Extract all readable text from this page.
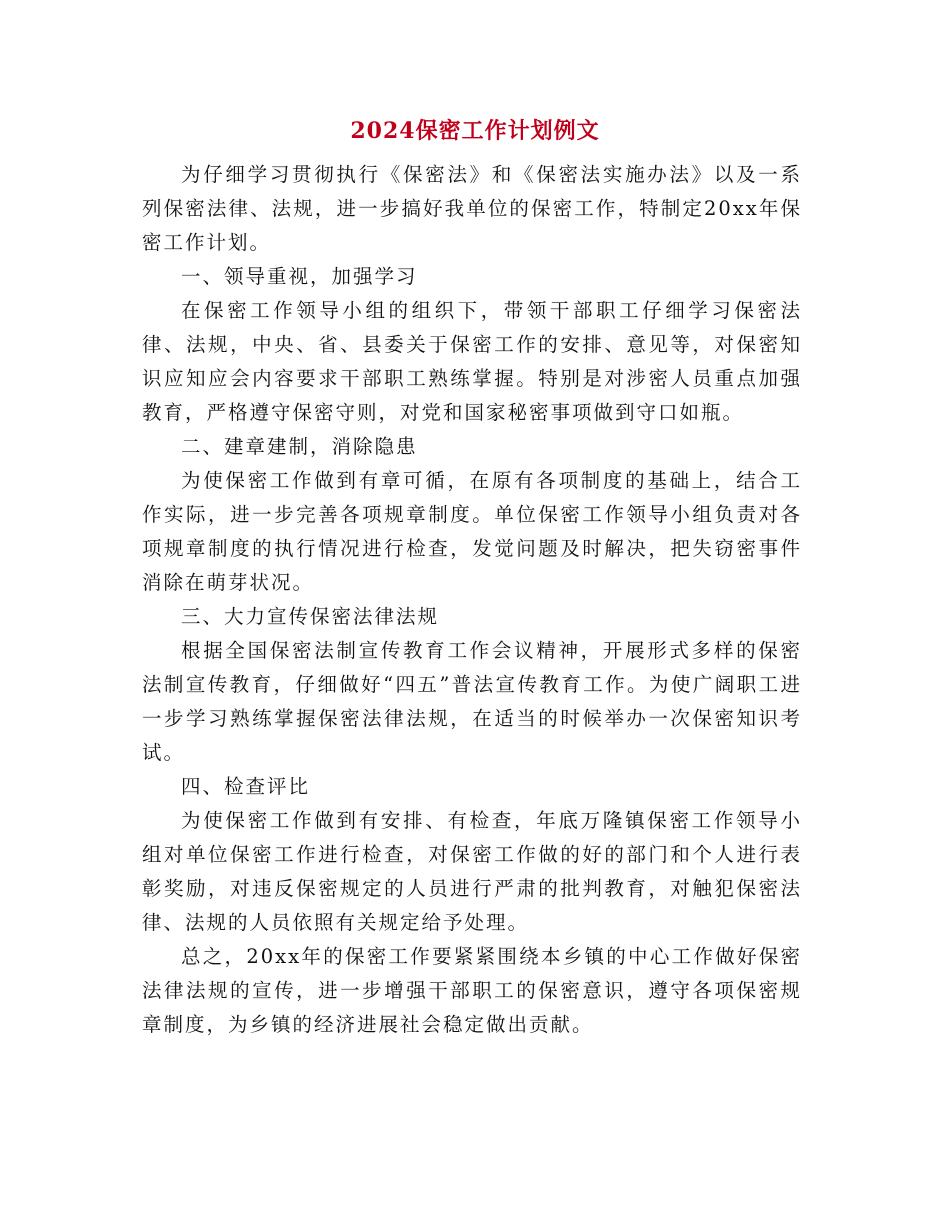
2024保密工作计划例文

为仔细学习贯彻执行《保密法》和《保密法实施办法》以及一系列保密法律、法规，进一步搞好我单位的保密工作，特制定20xx年保密工作计划。

一、领导重视，加强学习

在保密工作领导小组的组织下，带领干部职工仔细学习保密法律、法规，中央、省、县委关于保密工作的安排、意见等，对保密知识应知应会内容要求干部职工熟练掌握。特别是对涉密人员重点加强教育，严格遵守保密守则，对党和国家秘密事项做到守口如瓶。

二、建章建制，消除隐患

为使保密工作做到有章可循，在原有各项制度的基础上，结合工作实际，进一步完善各项规章制度。单位保密工作领导小组负责对各项规章制度的执行情况进行检查，发觉问题及时解决，把失窃密事件消除在萌芽状况。

三、大力宣传保密法律法规

根据全国保密法制宣传教育工作会议精神，开展形式多样的保密法制宣传教育，仔细做好“四五”普法宣传教育工作。为使广阔职工进一步学习熟练掌握保密法律法规，在适当的时候举办一次保密知识考试。

四、检查评比

为使保密工作做到有安排、有检查，年底万隆镇保密工作领导小组对单位保密工作进行检查，对保密工作做的好的部门和个人进行表彰奖励，对违反保密规定的人员进行严肃的批判教育，对触犯保密法律、法规的人员依照有关规定给予处理。

总之，20xx年的保密工作要紧紧围绕本乡镇的中心工作做好保密法律法规的宣传，进一步增强干部职工的保密意识，遵守各项保密规章制度，为乡镇的经济进展社会稳定做出贡献。
